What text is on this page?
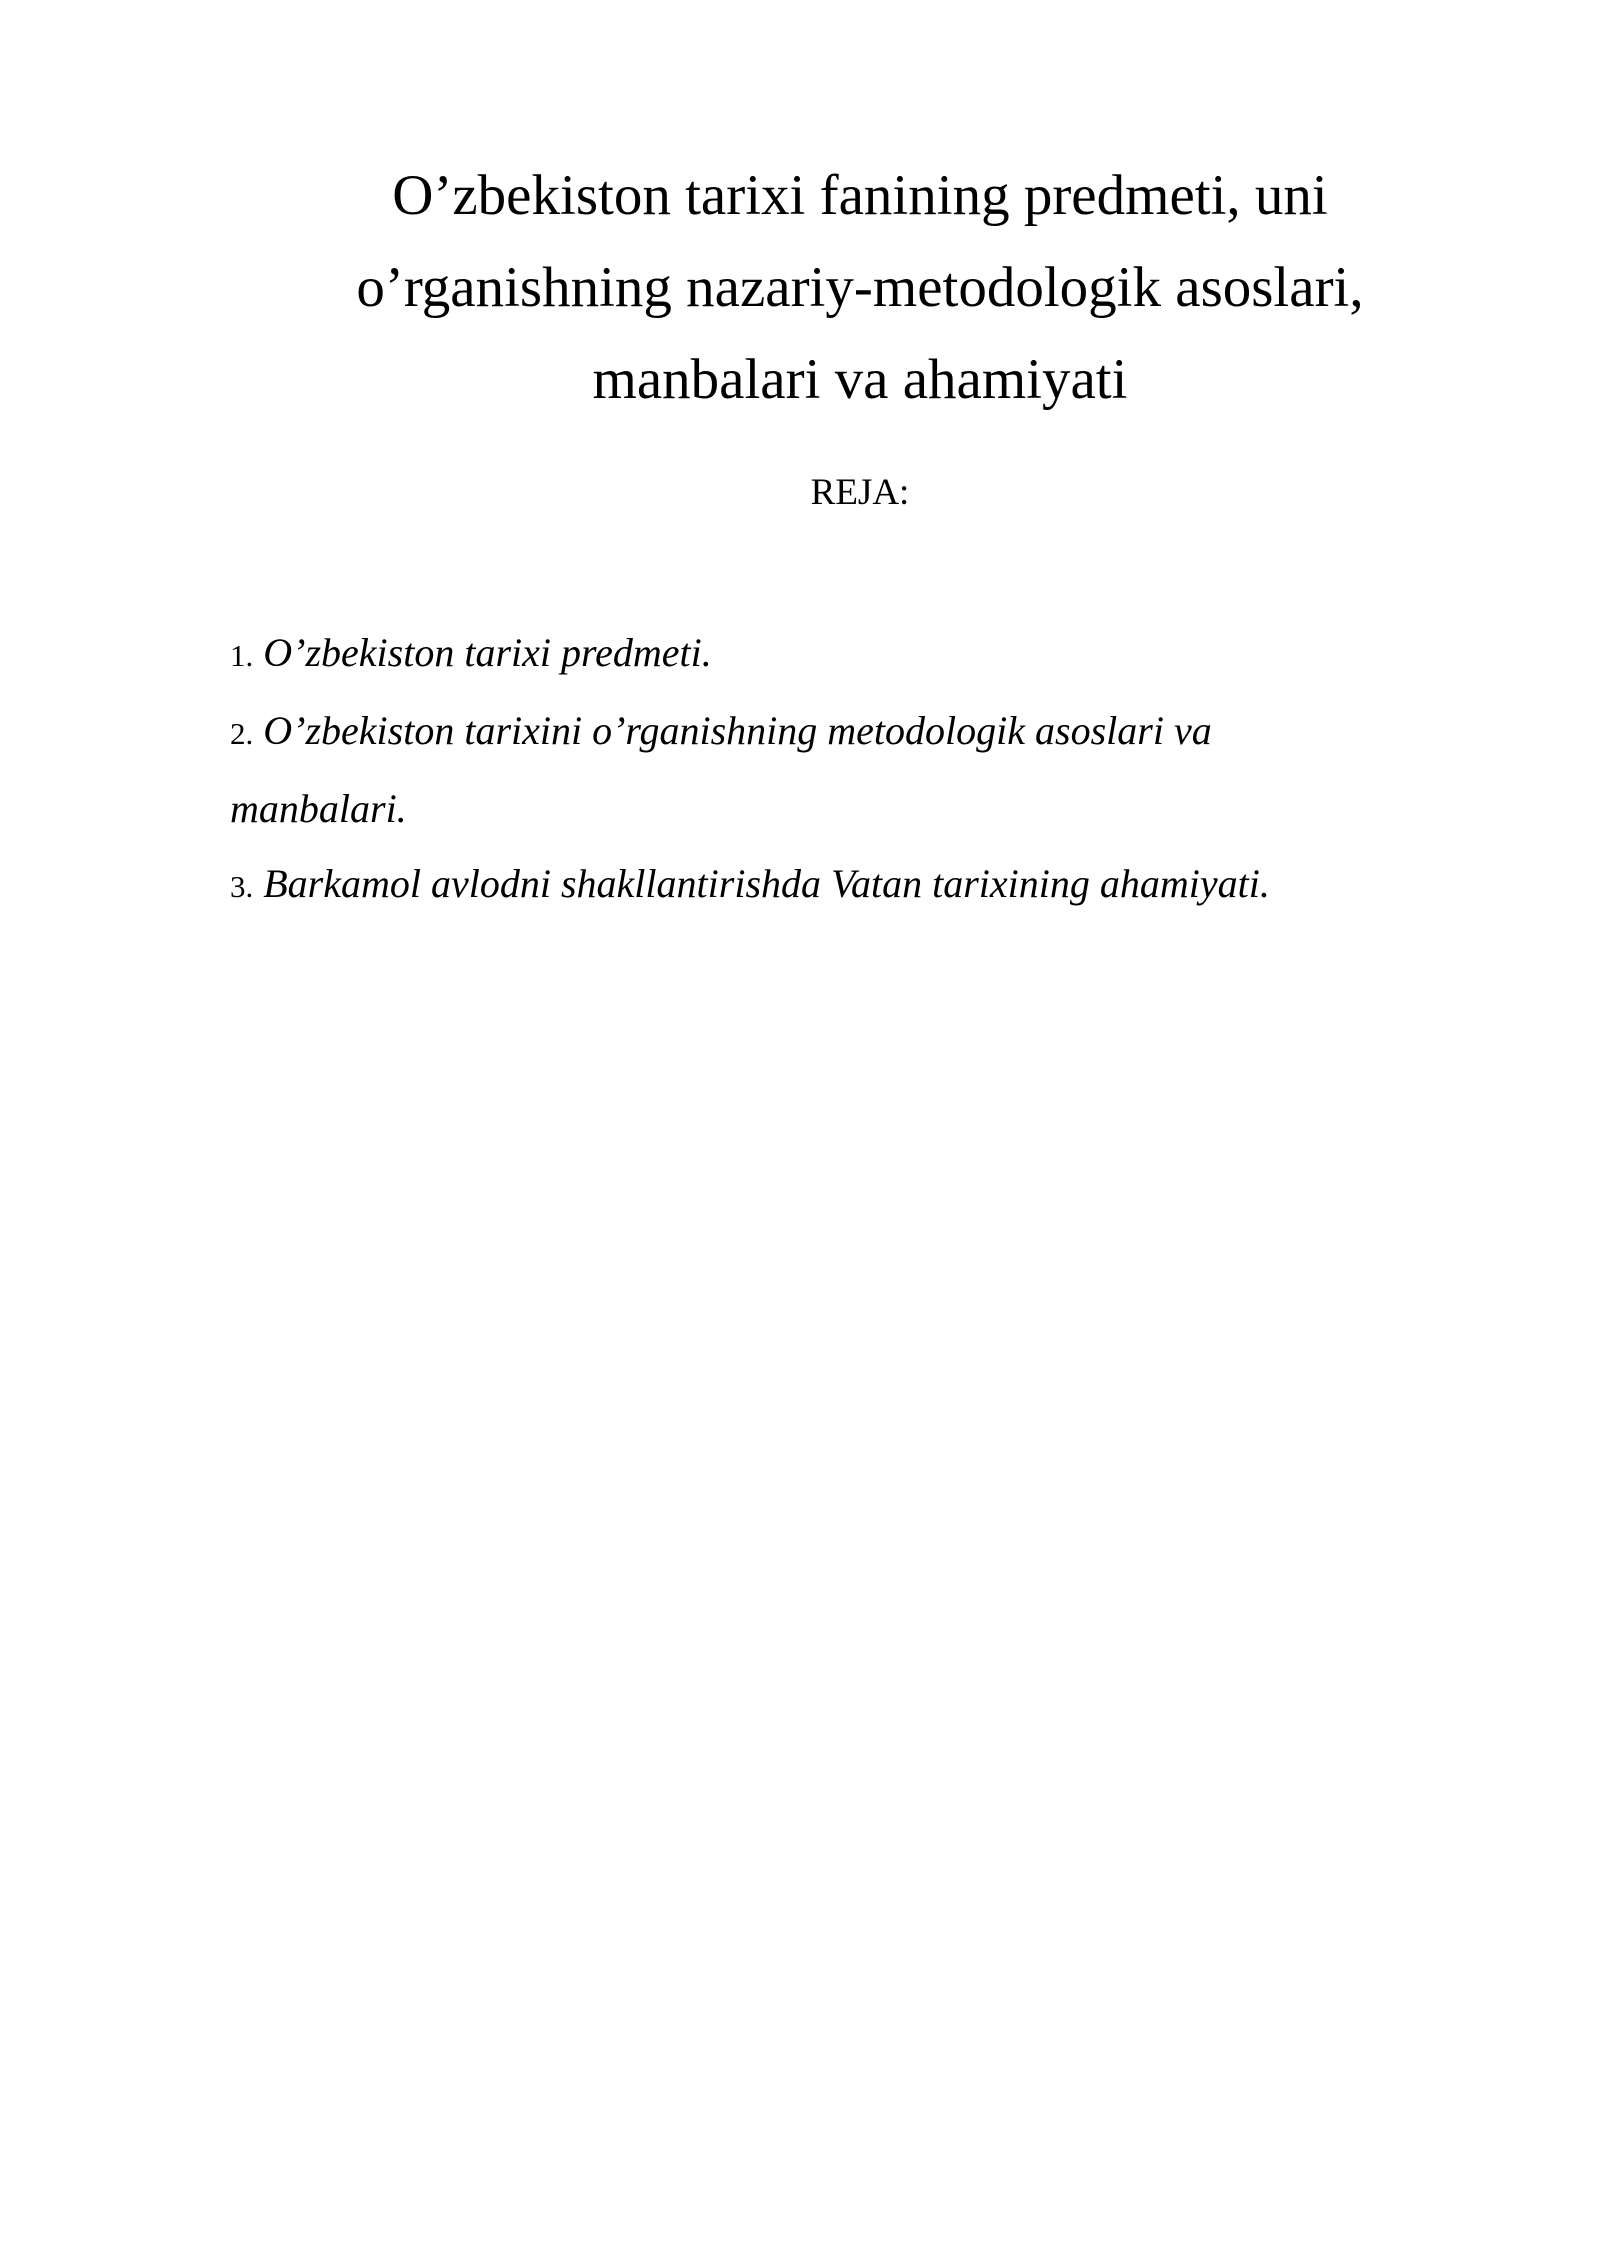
O’zbekiston tarixi fanining predmeti, uni
o’rganishning nazariy-metodologik asoslari,
manbalari va ahamiyati
REJA:
1. O’zbekiston tarixi predmeti.
2. O’zbekiston tarixini o’rganishning metodologik asoslari va
manbalari.
3. Barkamol avlodni shakllantirishda Vatan tarixining ahamiyati.
